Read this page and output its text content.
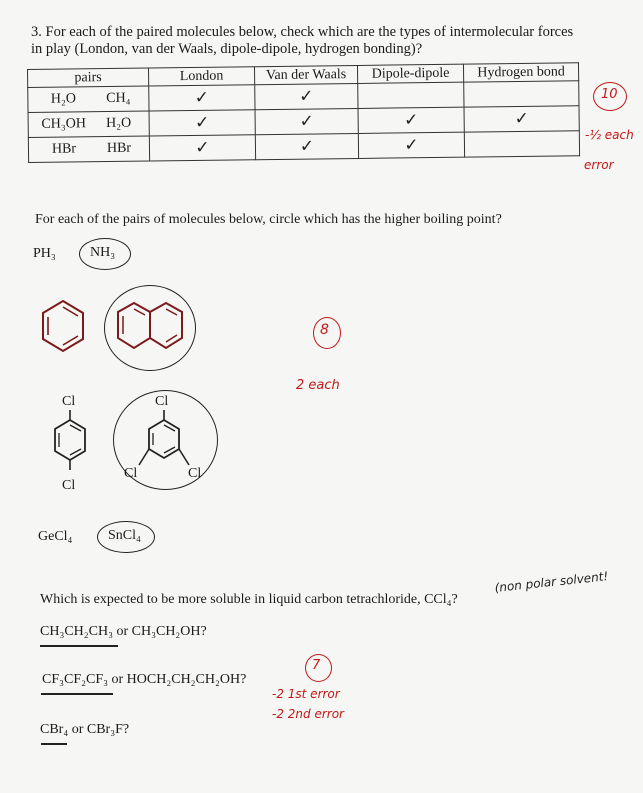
3. For each of the paired molecules below, check which are the types of intermolecular forces
in play (London, van der Waals, dipole-dipole, hydrogen bonding)?
pairs	London	Van der Waals	Dipole-dipole	Hydrogen bond
H₂O CH₄	✓	✓		
CH₃OH H₂O	✓	✓	✓	✓
HBr HBr	✓	✓	✓	
10
-½ each
error
For each of the pairs of molecules below, circle which has the higher boiling point?
PH₃ NH₃
8
2 each
Cl
Cl
Cl
Cl	Cl
GeCl₄	SnCl₄
Which is expected to be more soluble in liquid carbon tetrachloride, CCl₄?
(non polar solvent!
CH₃CH₂CH₃ or CH₃CH₂OH?
CF₃CF₂CF₃ or HOCH₂CH₂CH₂OH?
CBr₄ or CBr₃F?
7
-2 1st error
-2 2nd error
